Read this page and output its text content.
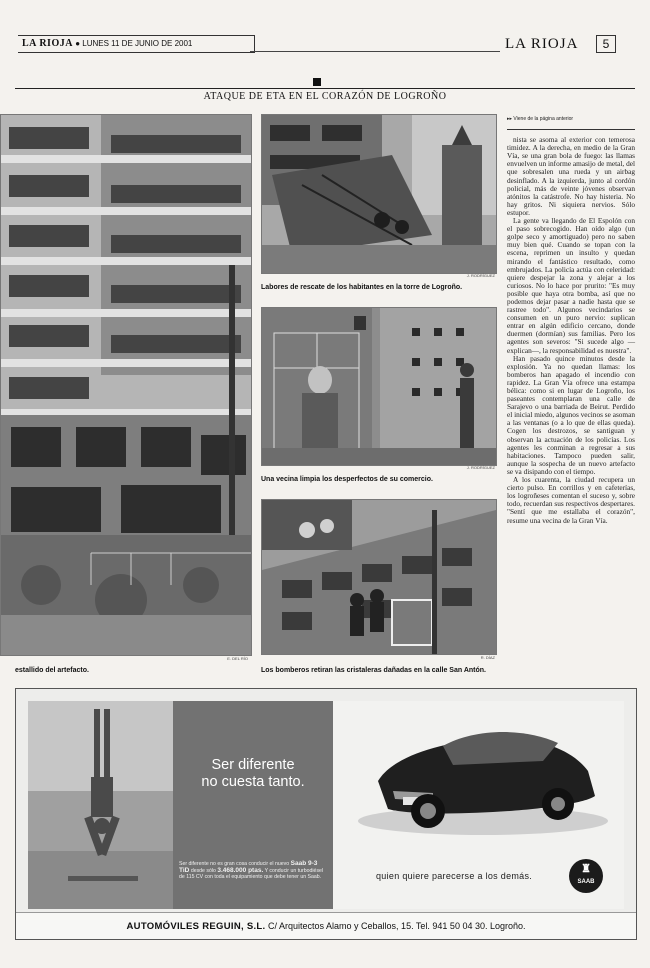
LA RIOJA ● LUNES 11 DE JUNIO DE 2001	LA RIOJA	5
ATAQUE DE ETA EN EL CORAZÓN DE LOGROÑO
E. DEL RÍO
estallido del artefacto.
J. RODRÍGUEZ
Labores de rescate de los habitantes en la torre de Logroño.
J. RODRÍGUEZ
Una vecina limpia los desperfectos de su comercio.
R. DÍAZ
Los bomberos retiran las cristaleras dañadas en la calle San Antón.
▸▸ Viene de la página anterior

nista se asoma al exterior con temerosa timidez. A la derecha, en medio de la Gran Vía, se una gran bola de fuego: las llamas envuelven un informe amasijo de metal, del que sobresalen una rueda y un airbag desinflado. A la izquierda, junto al cordón policial, más de veinte jóvenes observan atónitos la catástrofe. No hay histeria. No hay gritos. Ni siquiera nervios. Sólo estupor.

La gente va llegando de El Espolón con el paso sobrecogido. Han oído algo (un golpe seco y amortiguado) pero no saben muy bien qué. Cuando se topan con la escena, reprimen un insulto y quedan mirando el fantástico resultado, como embrujados. La policía actúa con celeridad: quiere despejar la zona y alejar a los curiosos. No lo hace por prurito: "Es muy posible que haya otra bomba, así que no podemos dejar pasar a nadie hasta que se rastree todo". Algunos vecindarios se consumen en un puro nervio: suplican entrar en algún edificio cercano, donde duermen (dormían) sus familias. Pero los agentes son severos: "Si sucede algo —explican—, la responsabilidad es nuestra".

Han pasado quince minutos desde la explosión. Ya no quedan llamas: los bomberos han apagado el incendio con rapidez. La Gran Vía ofrece una estampa bélica: como si en lugar de Logroño, los paseantes contemplaran una calle de Sarajevo o una barriada de Beirut. Perdido el inicial miedo, algunos vecinos se asoman a las ventanas (o a lo que de ellas queda). Cogen los destrozos, se santiguan y observan la actuación de los policías. Los agentes les conminan a regresar a sus habitaciones. Tampoco pueden salir, aunque la sospecha de un nuevo artefacto se va disipando con el tiempo.

A los cuarenta, la ciudad recupera un cierto pulso. En corrillos y en cafeterías, los logroñeses comentan el suceso y, sobre todo, recuerdan sus respectivos despertares. "Sentí que me estallaba el corazón", resume una vecina de la Gran Vía.

Ser diferente
no cuesta tanto.
Ser diferente no es gran cosa conducir el nuevo Saab 9-3 TiD desde sólo 3.468.000 ptas. Y conducir un turbodiésel de 115 CV con toda el equipamiento que debe tener un Saab.	quien quiere parecerse a los demás.
♜
SAAB
AUTOMÓVILES REGUIN, S.L. C/ Arquitectos Alamo y Ceballos, 15. Tel. 941 50 04 30. Logroño.
